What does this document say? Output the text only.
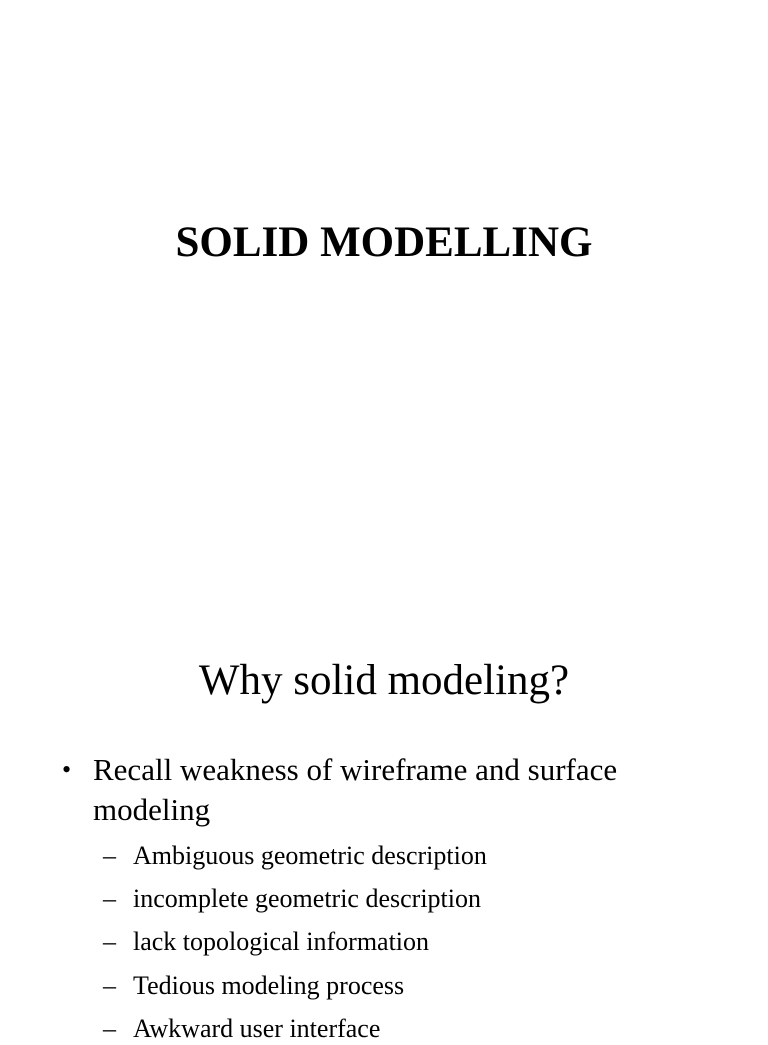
SOLID MODELLING
Why solid modeling?
• Recall weakness of wireframe and surface modeling
– Ambiguous geometric description
– incomplete geometric description
– lack topological information
– Tedious modeling process
– Awkward user interface
